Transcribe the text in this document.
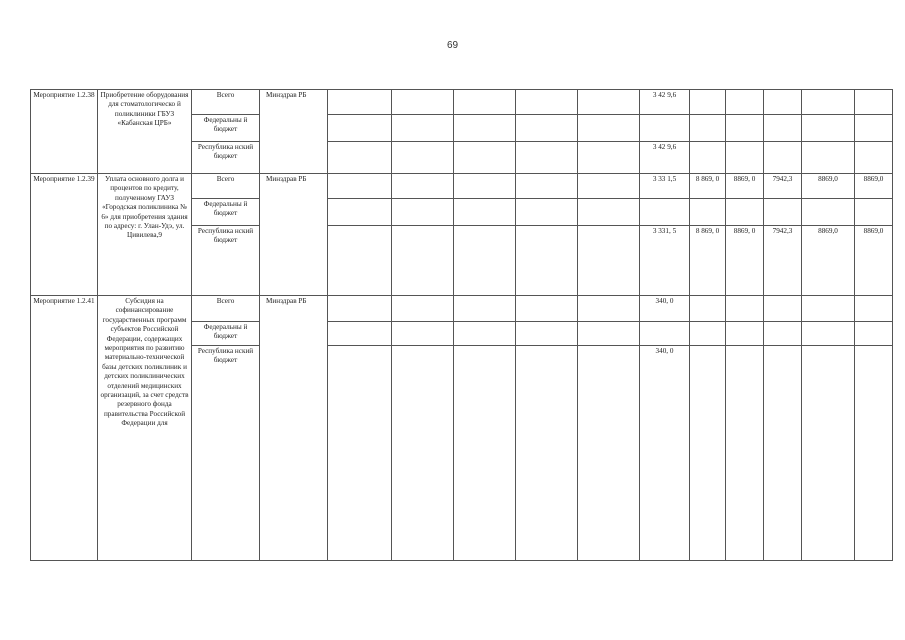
69
Мероприятие 1.2.38	Приобретение оборудования для стоматологическо й поликлиники ГБУЗ «Кабанская ЦРБ»	Всего	Минздрав РБ						3 42 9,6					
		Федеральны й бюджет												
		Республика нский бюджет							3 42 9,6					
Мероприятие 1.2.39	Уплата основного долга и процентов по кредиту, полученному ГАУЗ «Городская поликлиника № 6» для приобретения здания по адресу: г. Улан-Удэ, ул. Цивилева,9	Всего	Минздрав РБ						3 33 1,5	8 869, 0	8869, 0	7942,3	8869,0	8869,0
		Федеральны й бюджет												
		Республика нский бюджет							3 331, 5	8 869, 0	8869, 0	7942,3	8869,0	8869,0
Мероприятие 1.2.41	Субсидия на софинансирование государственных программ субъектов Российской Федерации, содержащих мероприятия по развитию материально-технической базы детских поликлиник и детских поликлинических отделений медицинских организаций, за счет средств резервного фонда правительства Российской Федерации для	Всего	Минздрав РБ						340, 0					
		Федеральны й бюджет												
		Республика нский бюджет							340, 0					
